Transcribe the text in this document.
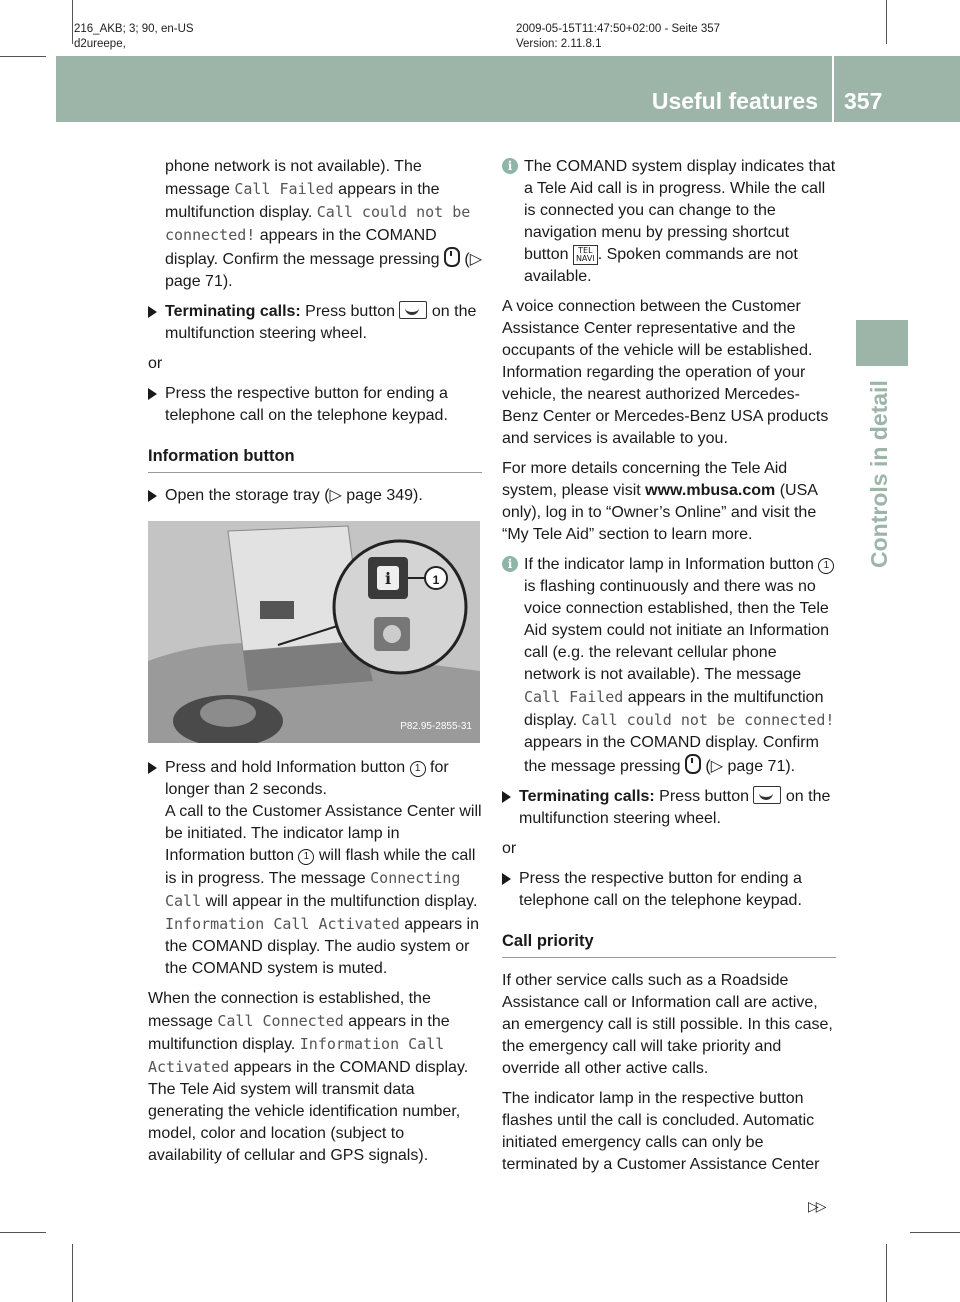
216_AKB; 3; 90, en-US
d2ureepe,
2009-05-15T11:47:50+02:00 - Seite 357
Version: 2.11.8.1
Useful features 357
Controls in detail

phone network is not available). The message Call Failed appears in the multifunction display. Call could not be connected! appears in the COMAND display. Confirm the message pressing  (▷ page 71).

Terminating calls: Press button  on the multifunction steering wheel.

or

Press the respective button for ending a telephone call on the telephone keypad.
Information button
Open the storage tray (▷ page 349).
i	1
P82.95-2855-31
Press and hold Information button 1 for longer than 2 seconds.
A call to the Customer Assistance Center will be initiated. The indicator lamp in Information button 1 will flash while the call is in progress. The message Connecting Call will appear in the multifunction display. Information Call Activated appears in the COMAND display. The audio system or the COMAND system is muted.

When the connection is established, the message Call Connected appears in the multifunction display. Information Call Activated appears in the COMAND display. The Tele Aid system will transmit data generating the vehicle identification number, model, color and location (subject to availability of cellular and GPS signals).

i The COMAND system display indicates that a Tele Aid call is in progress. While the call is connected you can change to the navigation menu by pressing shortcut button TEL
NAVI . Spoken commands are not available.

A voice connection between the Customer Assistance Center representative and the occupants of the vehicle will be established. Information regarding the operation of your vehicle, the nearest authorized Mercedes-Benz Center or Mercedes-Benz USA products and services is available to you.

For more details concerning the Tele Aid system, please visit www.mbusa.com (USA only), log in to “Owner’s Online” and visit the “My Tele Aid” section to learn more.

i If the indicator lamp in Information button 1 is flashing continuously and there was no voice connection established, then the Tele Aid system could not initiate an Information call (e.g. the relevant cellular phone network is not available). The message Call Failed appears in the multifunction display. Call could not be connected! appears in the COMAND display. Confirm the message pressing  (▷ page 71).
Terminating calls: Press button  on the multifunction steering wheel.

or

Press the respective button for ending a telephone call on the telephone keypad.
Call priority

If other service calls such as a Roadside Assistance call or Information call are active, an emergency call is still possible. In this case, the emergency call will take priority and override all other active calls.

The indicator lamp in the respective button flashes until the call is concluded. Automatic initiated emergency calls can only be terminated by a Customer Assistance Center

▷▷
